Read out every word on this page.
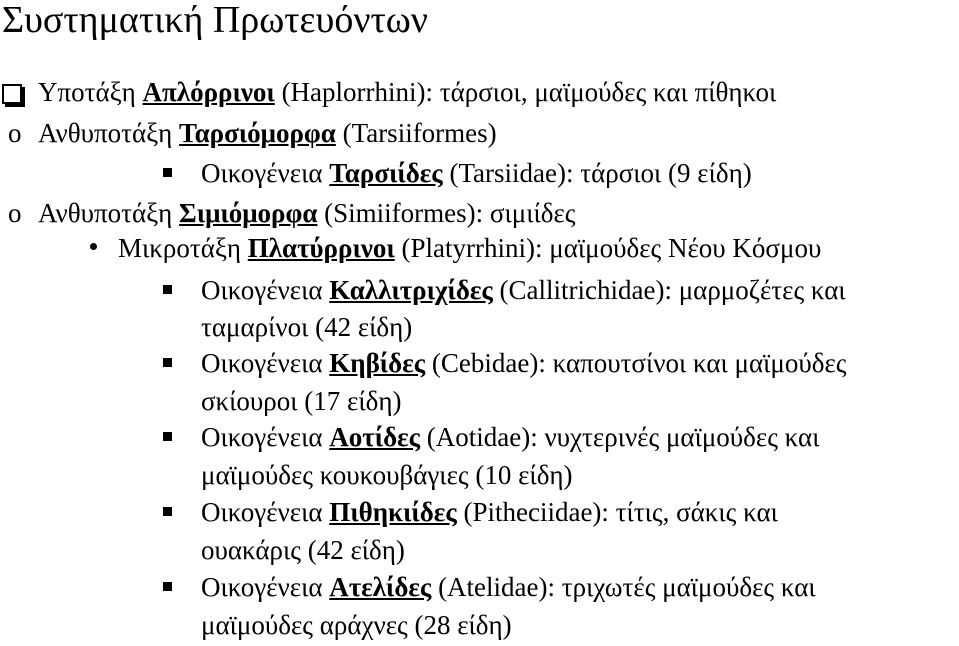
Συστηματική Πρωτευόντων
o
o
Υποτάξη Απλόρρινοι (Haplorrhini): τάρσιοι, μαϊμούδες και πίθηκοι
Ανθυποτάξη Ταρσιόμορφα (Tarsiiformes)
Οικογένεια Ταρσιίδες (Tarsiidae): τάρσιοι (9 είδη)
Ανθυποτάξη Σιμιόμορφα (Simiiformes): σιμιίδες
Μικροτάξη Πλατύρρινοι (Platyrrhini): μαϊμούδες Νέου Κόσμου
Οικογένεια Καλλιτριχίδες (Callitrichidae): μαρμοζέτες και
ταμαρίνοι (42 είδη)
Οικογένεια Κηβίδες (Cebidae): καπουτσίνοι και μαϊμούδες
σκίουροι (17 είδη)
Οικογένεια Αοτίδες (Aotidae): νυχτερινές μαϊμούδες και
μαϊμούδες κουκουβάγιες (10 είδη)
Οικογένεια Πιθηκιίδες (Pitheciidae): τίτις, σάκις και
ουακάρις (42 είδη)
Οικογένεια Ατελίδες (Atelidae): τριχωτές μαϊμούδες και
μαϊμούδες αράχνες (28 είδη)
